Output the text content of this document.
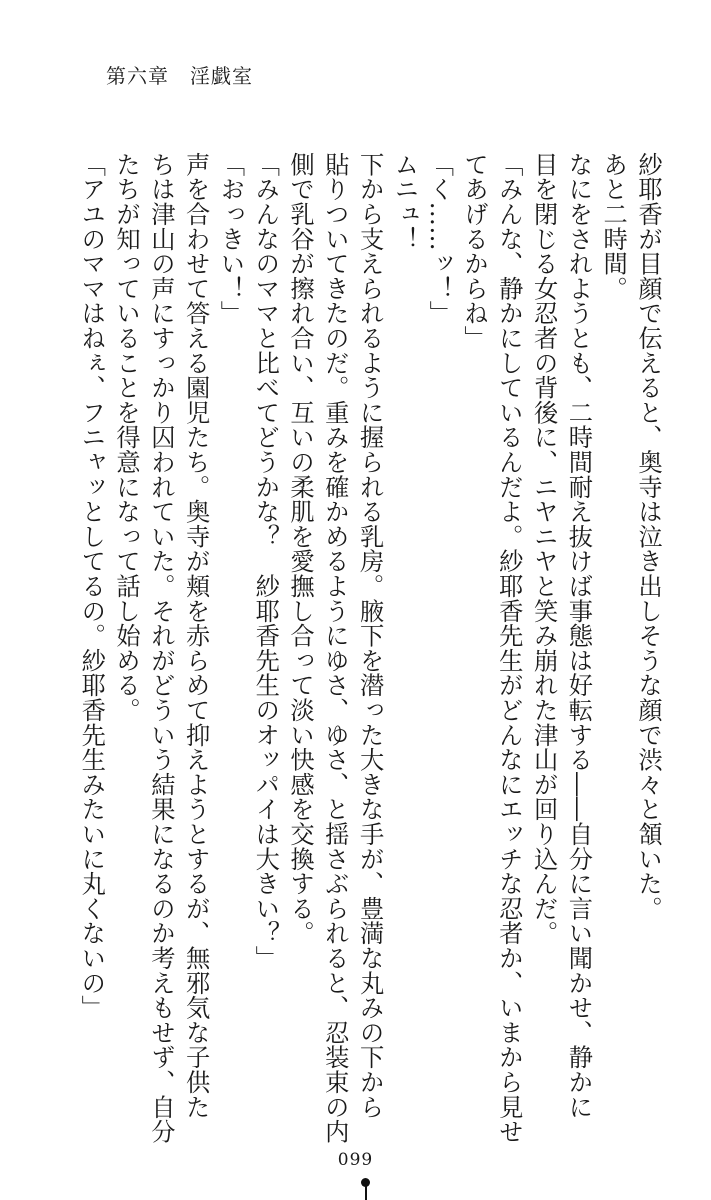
第六章　淫戯室
紗耶香が目顔で伝えると、奥寺は泣き出しそうな顔で渋々と頷いた。
あと二時間。
なにをされようとも、二時間耐え抜けば事態は好転する――自分に言い聞かせ、静かに
目を閉じる女忍者の背後に、ニヤニヤと笑み崩れた津山が回り込んだ。
「みんな、静かにしているんだよ。紗耶香先生がどんなにエッチな忍者か、いまから見せ
てあげるからね」
「く……ッ！」
ムニュ！
下から支えられるように握られる乳房。腋下を潜った大きな手が、豊満な丸みの下から
貼りついてきたのだ。重みを確かめるようにゆさ、ゆさ、と揺さぶられると、忍装束の内
側で乳谷が擦れ合い、互いの柔肌を愛撫し合って淡い快感を交換する。
「みんなのママと比べてどうかな？　紗耶香先生のオッパイは大きい？」
「おっきい！」
声を合わせて答える園児たち。奥寺が頬を赤らめて抑えようとするが、無邪気な子供た
ちは津山の声にすっかり囚われていた。それがどういう結果になるのか考えもせず、自分
たちが知っていることを得意になって話し始める。
「アユのママはねぇ、フニャッとしてるの。紗耶香先生みたいに丸くないの」
099
